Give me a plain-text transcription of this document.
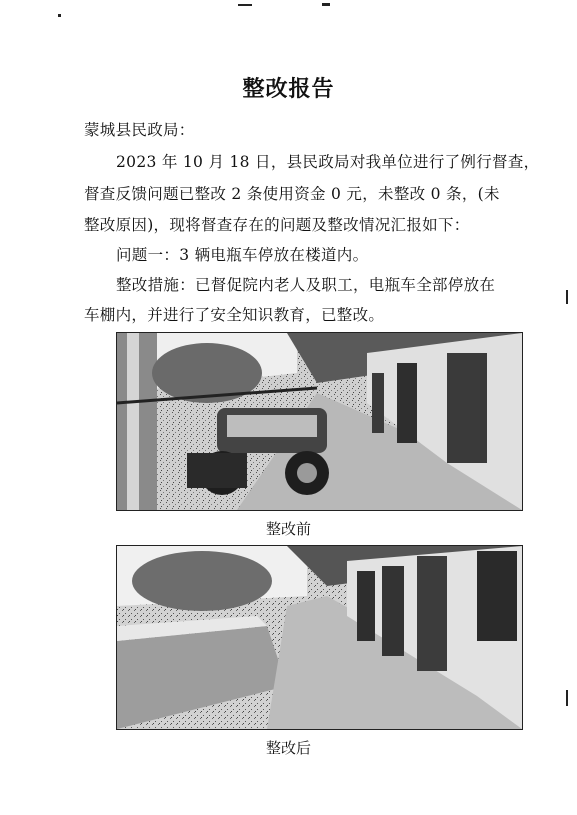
整改报告
蒙城县民政局：
2023 年 10 月 18 日，县民政局对我单位进行了例行督查，
督查反馈问题已整改 2 条使用资金 0 元，未整改 0 条，(未
整改原因)，现将督查存在的问题及整改情况汇报如下：
问题一：3 辆电瓶车停放在楼道内。
整改措施：已督促院内老人及职工，电瓶车全部停放在
车棚内，并进行了安全知识教育，已整改。
整改前
整改后
